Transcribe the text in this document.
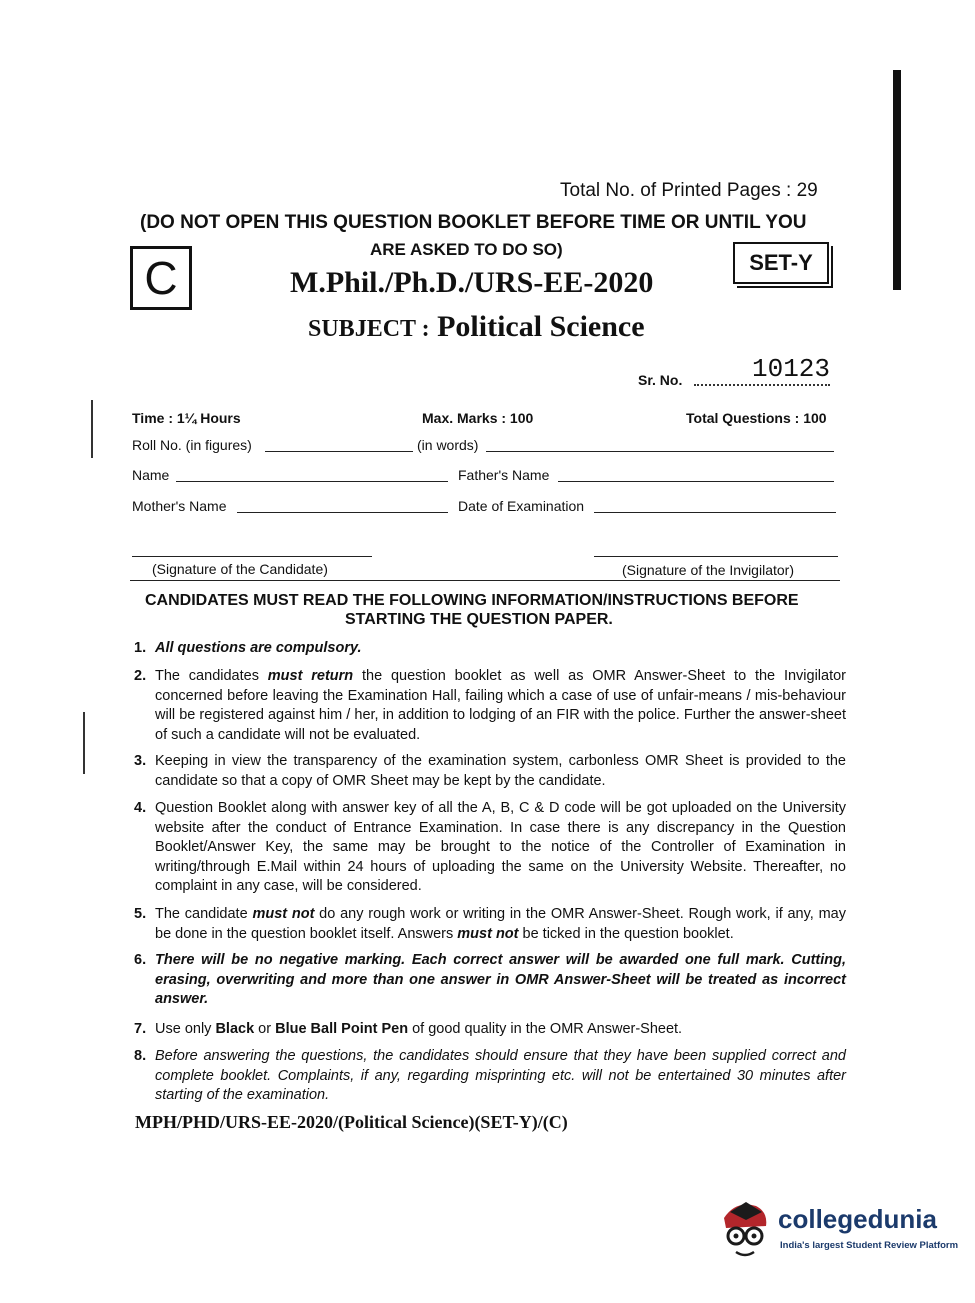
Total No. of Printed Pages : 29
(DO NOT OPEN THIS QUESTION BOOKLET BEFORE TIME OR UNTIL YOU
ARE ASKED TO DO SO)
C	SET-Y
M.Phil./Ph.D./URS-EE-2020
SUBJECT : Political Science
Sr. No.	10123
Time : 1¼ Hours	Max. Marks : 100	Total Questions : 100
Roll No. (in figures)	(in words)
Name	Father's Name
Mother's Name	Date of Examination
(Signature of the Candidate)	(Signature of the Invigilator)
CANDIDATES MUST READ THE FOLLOWING INFORMATION/INSTRUCTIONS BEFORE
STARTING THE QUESTION PAPER.
1. All questions are compulsory.
2. The candidates must return the question booklet as well as OMR Answer-Sheet to the Invigilator concerned before leaving the Examination Hall, failing which a case of use of unfair-means / mis-behaviour will be registered against him / her, in addition to lodging of an FIR with the police. Further the answer-sheet of such a candidate will not be evaluated.
3. Keeping in view the transparency of the examination system, carbonless OMR Sheet is provided to the candidate so that a copy of OMR Sheet may be kept by the candidate.
4. Question Booklet along with answer key of all the A, B, C & D code will be got uploaded on the University website after the conduct of Entrance Examination. In case there is any discrepancy in the Question Booklet/Answer Key, the same may be brought to the notice of the Controller of Examination in writing/through E.Mail within 24 hours of uploading the same on the University Website. Thereafter, no complaint in any case, will be considered.
5. The candidate must not do any rough work or writing in the OMR Answer-Sheet. Rough work, if any, may be done in the question booklet itself. Answers must not be ticked in the question booklet.
6. There will be no negative marking. Each correct answer will be awarded one full mark. Cutting, erasing, overwriting and more than one answer in OMR Answer-Sheet will be treated as incorrect answer.
7. Use only Black or Blue Ball Point Pen of good quality in the OMR Answer-Sheet.
8. Before answering the questions, the candidates should ensure that they have been supplied correct and complete booklet. Complaints, if any, regarding misprinting etc. will not be entertained 30 minutes after starting of the examination.
MPH/PHD/URS-EE-2020/(Political Science)(SET-Y)/(C)
collegedunia
India's largest Student Review Platform
